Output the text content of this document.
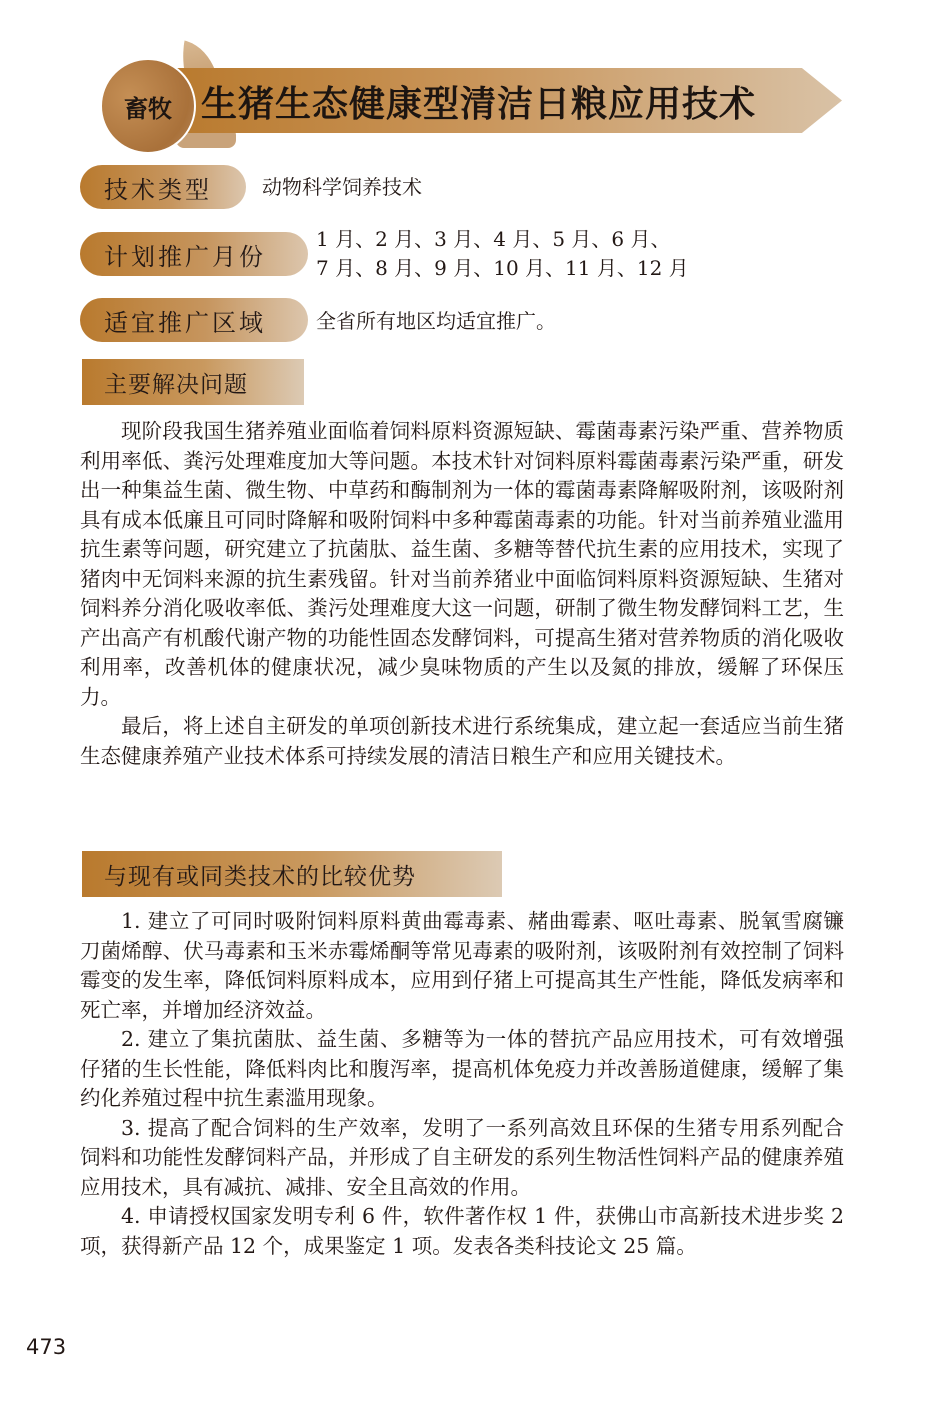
畜牧 生猪生态健康型清洁日粮应用技术
技术类型	动物科学饲养技术
计划推广月份
1 月、2 月、3 月、4 月、5 月、6 月、
7 月、8 月、9 月、10 月、11 月、12 月
适宜推广区域	全省所有地区均适宜推广。
主要解决问题

现阶段我国生猪养殖业面临着饲料原料资源短缺、霉菌毒素污染严重、营养物质利用率低、粪污处理难度加大等问题。本技术针对饲料原料霉菌毒素污染严重，研发出一种集益生菌、微生物、中草药和酶制剂为一体的霉菌毒素降解吸附剂，该吸附剂具有成本低廉且可同时降解和吸附饲料中多种霉菌毒素的功能。针对当前养殖业滥用抗生素等问题，研究建立了抗菌肽、益生菌、多糖等替代抗生素的应用技术，实现了猪肉中无饲料来源的抗生素残留。针对当前养猪业中面临饲料原料资源短缺、生猪对饲料养分消化吸收率低、粪污处理难度大这一问题，研制了微生物发酵饲料工艺，生产出高产有机酸代谢产物的功能性固态发酵饲料，可提高生猪对营养物质的消化吸收利用率，改善机体的健康状况，减少臭味物质的产生以及氮的排放，缓解了环保压力。

最后，将上述自主研发的单项创新技术进行系统集成，建立起一套适应当前生猪生态健康养殖产业技术体系可持续发展的清洁日粮生产和应用关键技术。

与现有或同类技术的比较优势

1. 建立了可同时吸附饲料原料黄曲霉毒素、赭曲霉素、呕吐毒素、脱氧雪腐镰刀菌烯醇、伏马毒素和玉米赤霉烯酮等常见毒素的吸附剂，该吸附剂有效控制了饲料霉变的发生率，降低饲料原料成本，应用到仔猪上可提高其生产性能，降低发病率和死亡率，并增加经济效益。

2. 建立了集抗菌肽、益生菌、多糖等为一体的替抗产品应用技术，可有效增强仔猪的生长性能，降低料肉比和腹泻率，提高机体免疫力并改善肠道健康，缓解了集约化养殖过程中抗生素滥用现象。

3. 提高了配合饲料的生产效率，发明了一系列高效且环保的生猪专用系列配合饲料和功能性发酵饲料产品，并形成了自主研发的系列生物活性饲料产品的健康养殖应用技术，具有减抗、减排、安全且高效的作用。

4. 申请授权国家发明专利 6 件，软件著作权 1 件，获佛山市高新技术进步奖 2 项，获得新产品 12 个，成果鉴定 1 项。发表各类科技论文 25 篇。

473
